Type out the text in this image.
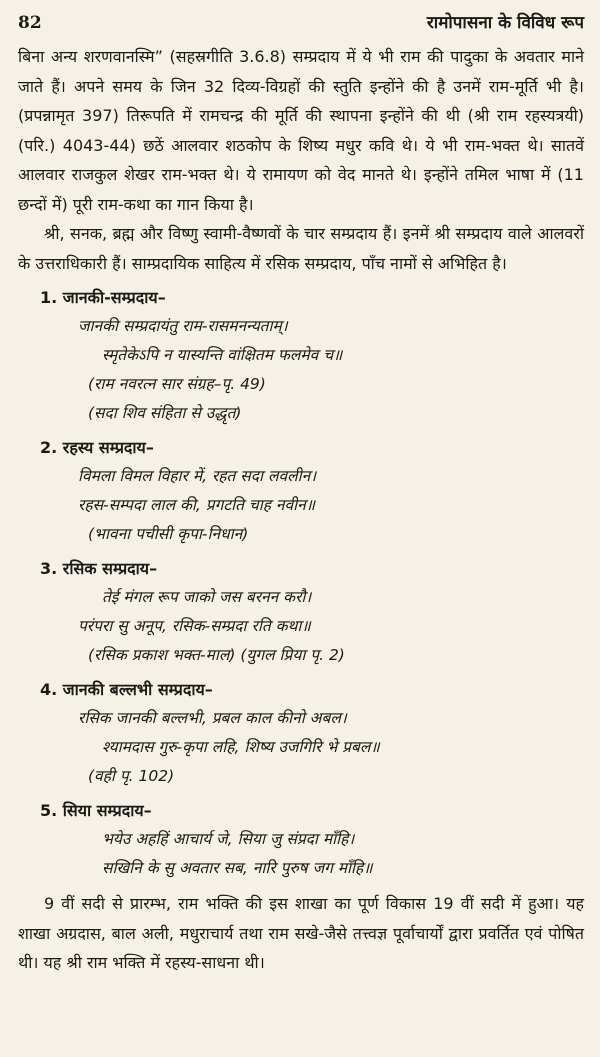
82	रामोपासना के विविध रूप

बिना अन्य शरणवानस्मि” (सहस्रगीति 3.6.8) सम्प्रदाय में ये भी राम की पादुका के अवतार माने जाते हैं। अपने समय के जिन 32 दिव्य-विग्रहों की स्तुति इन्होंने की है उनमें राम-मूर्ति भी है। (प्रपन्नामृत 397) तिरूपति में रामचन्द्र की मूर्ति की स्थापना इन्होंने की थी (श्री राम रहस्यत्रयी) (परि.) 4043-44) छठें आलवार शठकोप के शिष्य मधुर कवि थे। ये भी राम-भक्त थे। सातवें आलवार राजकुल शेखर राम-भक्त थे। ये रामायण को वेद मानते थे। इन्होंने तमिल भाषा में (11 छन्दों में) पूरी राम-कथा का गान किया है।

श्री, सनक, ब्रह्म और विष्णु स्वामी-वैष्णवों के चार सम्प्रदाय हैं। इनमें श्री सम्प्रदाय वाले आलवरों के उत्तराधिकारी हैं। साम्प्रदायिक साहित्य में रसिक सम्प्रदाय, पाँच नामों से अभिहित है।

1. जानकी-सम्प्रदाय–
जानकी सम्प्रदायंतु राम-रासमनन्यताम्।
स्मृतेकेऽपि न यास्यन्ति वांक्षितम फलमेव च॥
(राम नवरत्न सार संग्रह–पृ. 49)
(सदा शिव संहिता से उद्धृत)
2. रहस्य सम्प्रदाय–
विमला विमल विहार में, रहत सदा लवलीन।
रहस-सम्पदा लाल की, प्रगटति चाह नवीन॥
(भावना पचीसी कृपा-निधान)
3. रसिक सम्प्रदाय–
तेई मंगल रूप जाको जस बरनन करौ।
परंपरा सु अनूप, रसिक-सम्प्रदा रति कथा॥
(रसिक प्रकाश भक्त-माल) (युगल प्रिया पृ. 2)
4. जानकी बल्लभी सम्प्रदाय–
रसिक जानकी बल्लभी, प्रबल काल कीनो अबल।
श्यामदास गुरु-कृपा लहि, शिष्य उजगिरि भे प्रबल॥
(वही पृ. 102)
5. सिया सम्प्रदाय–
भयेउ अहहिं आचार्य जे, सिया जु संप्रदा माँहि।
सखिनि के सु अवतार सब, नारि पुरुष जग माँहि॥

9 वीं सदी से प्रारम्भ, राम भक्ति की इस शाखा का पूर्ण विकास 19 वीं सदी में हुआ। यह शाखा अग्रदास, बाल अली, मधुराचार्य तथा राम सखे-जैसे तत्त्वज्ञ पूर्वाचार्यों द्वारा प्रवर्तित एवं पोषित थी। यह श्री राम भक्ति में रहस्य-साधना थी।
